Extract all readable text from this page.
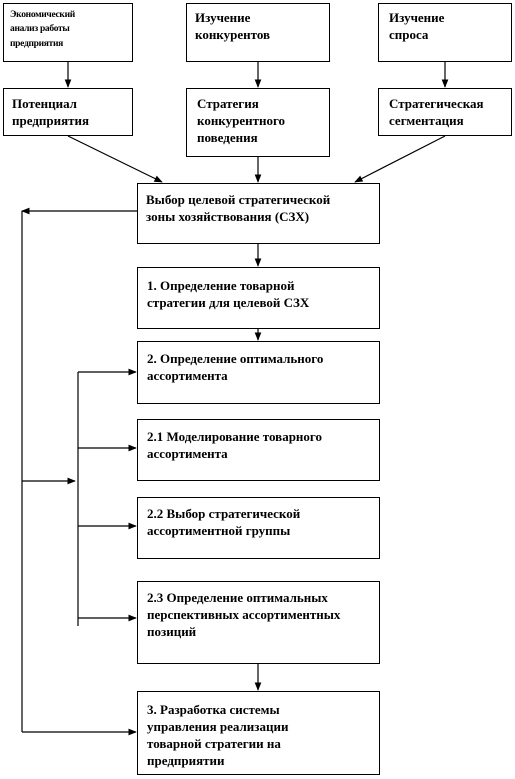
Экономический
анализ работы
предприятия
Изучение
конкурентов
Изучение
спроса
Потенциал
предприятия
Стратегия
конкурентного
поведения
Стратегическая
сегментация
Выбор целевой стратегической
зоны хозяйствования (СЗХ)
1. Определение товарной
стратегии для целевой СЗХ
2. Определение оптимального
ассортимента
2.1 Моделирование товарного
ассортимента
2.2 Выбор стратегической
ассортиментной группы
2.3 Определение оптимальных
перспективных ассортиментных
позиций
3. Разработка системы
управления реализации
товарной стратегии на
предприятии
